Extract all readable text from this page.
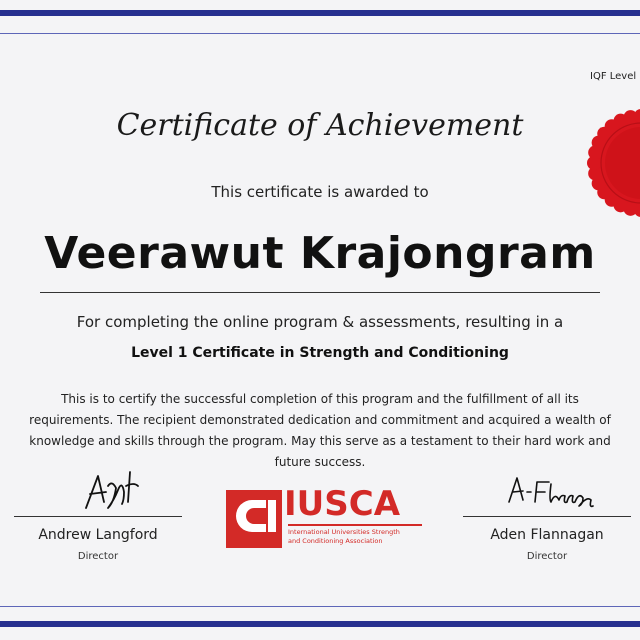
IQF Level
Certificate of Achievement
This certificate is awarded to
Veerawut Krajongram
For completing the online program & assessments, resulting in a
Level 1 Certificate in Strength and Conditioning
This is to certify the successful completion of this program and the fulfillment of all its
requirements. The recipient demonstrated dedication and commitment and acquired a wealth of
knowledge and skills through the program. May this serve as a testament to their hard work and
future success.
Andrew Langford
Director
IUSCA
International Universities Strength
and Conditioning Association	Aden Flannagan
Director
